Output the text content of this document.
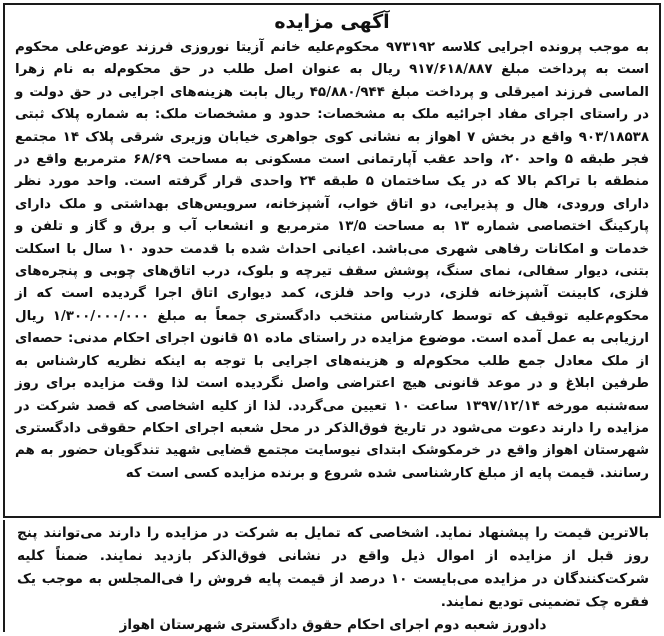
آگهی مزایده

به موجب پرونده اجرایی کلاسه ۹۷۳۱۹۲ محکوم‌علیه خانم آزیتا نوروزی فرزند عوض‌علی محکوم است به پرداخت مبلغ ۹۱۷/۶۱۸/۸۸۷ ریال به عنوان اصل طلب در حق محکوم‌له به نام زهرا الماسی فرزند امیرقلی و پرداخت مبلغ ۴۵/۸۸۰/۹۴۴ ریال بابت هزینه‌های اجرایی در حق دولت و در راستای اجرای مفاد اجرائیه ملک به مشخصات: حدود و مشخصات ملک: به شماره پلاک ثبتی ۹۰۳/۱۸۵۳۸ واقع در بخش ۷ اهواز به نشانی کوی جواهری خیابان وزیری شرقی پلاک ۱۴ مجتمع فجر طبقه ۵ واحد ۲۰، واحد عقب آپارتمانی است مسکونی به مساحت ۶۸/۶۹ مترمربع واقع در منطقه با تراکم بالا که در یک ساختمان ۵ طبقه ۲۴ واحدی قرار گرفته است. واحد مورد نظر دارای ورودی، هال و پذیرایی، دو اتاق خواب، آشپزخانه، سرویس‌های بهداشتی و ملک دارای پارکینگ اختصاصی شماره ۱۳ به مساحت ۱۳/۵ مترمربع و انشعاب آب و برق و گاز و تلفن و خدمات و امکانات رفاهی شهری می‌باشد. اعیانی احداث شده با قدمت حدود ۱۰ سال با اسکلت بتنی، دیوار سفالی، نمای سنگ، پوشش سقف تیرچه و بلوک، درب اتاق‌های چوبی و پنجره‌های فلزی، کابینت آشپزخانه فلزی، درب واحد فلزی، کمد دیواری اتاق اجرا گردیده است که از محکوم‌علیه توقیف که توسط کارشناس منتخب دادگستری جمعاً به مبلغ ۱/۳۰۰/۰۰۰/۰۰۰ ریال ارزیابی به عمل آمده است. موضوع مزایده در راستای ماده ۵۱ قانون اجرای احکام مدنی: حصه‌ای از ملک معادل جمع طلب محکوم‌له و هزینه‌های اجرایی با توجه به اینکه نظریه کارشناس به طرفین ابلاغ و در موعد قانونی هیچ اعتراضی واصل نگردیده است لذا وقت مزایده برای روز سه‌شنبه مورخه ۱۳۹۷/۱۲/۱۴ ساعت ۱۰ تعیین می‌گردد. لذا از کلیه اشخاصی که قصد شرکت در مزایده را دارند دعوت می‌شود در تاریخ فوق‌الذکر در محل شعبه اجرای احکام حقوقی دادگستری شهرستان اهواز واقع در خرمکوشک ابتدای نیوسایت مجتمع قضایی شهید تندگویان حضور به هم رسانند. قیمت پایه از مبلغ کارشناسی شده شروع و برنده مزایده کسی است که

بالاترین قیمت را پیشنهاد نماید. اشخاصی که تمایل به شرکت در مزایده را دارند می‌توانند پنج روز قبل از مزایده از اموال ذیل واقع در نشانی فوق‌الذکر بازدید نمایند. ضمناً کلیه شرکت‌کنندگان در مزایده می‌بایست ۱۰ درصد از قیمت پایه فروش را فی‌المجلس به موجب یک فقره چک تضمینی تودیع نمایند.

دادورز شعبه دوم اجرای احکام حقوق دادگستری شهرستان اهواز
